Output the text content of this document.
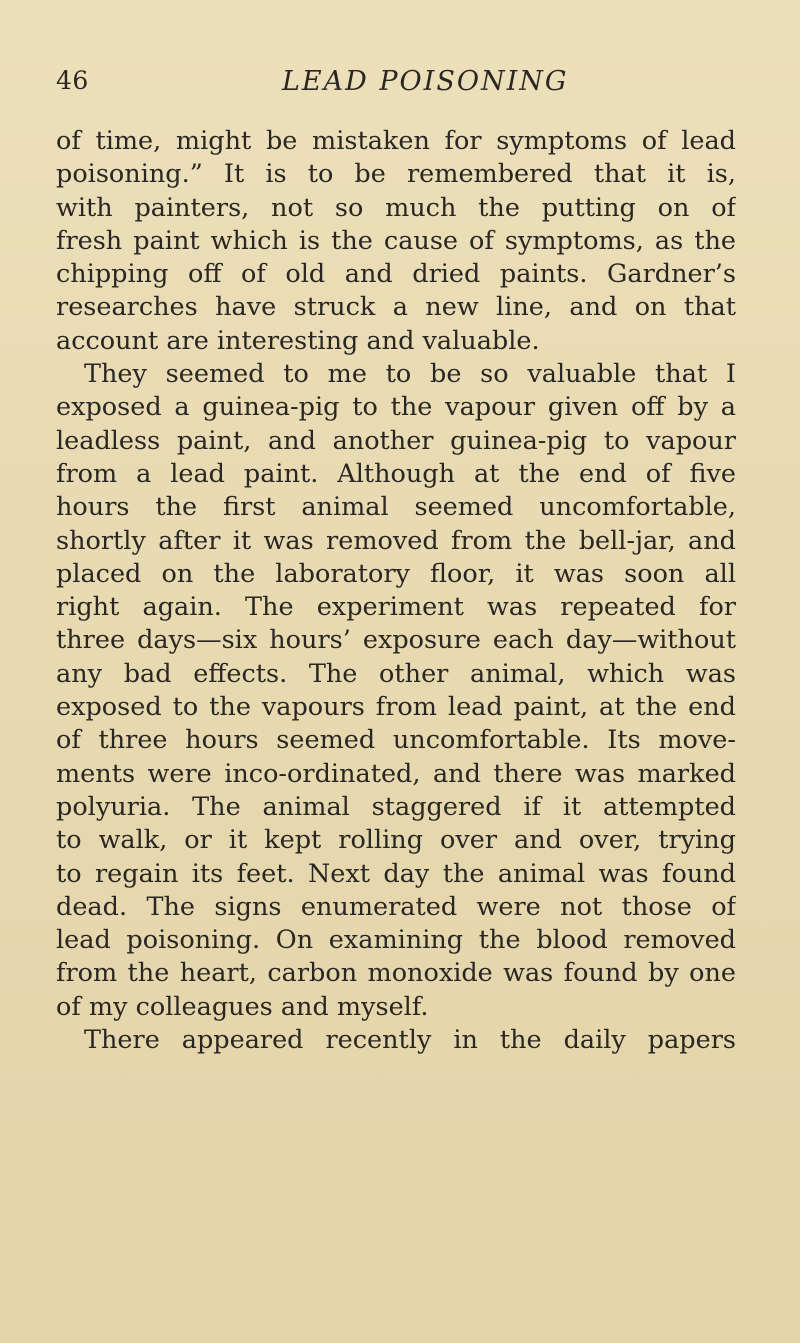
46	LEAD POISONING
of time, might be mistaken for symptoms of lead
poisoning.” It is to be remembered that it is,
with painters, not so much the putting on of
fresh paint which is the cause of symptoms, as the
chipping off of old and dried paints. Gardner’s
researches have struck a new line, and on that
account are interesting and valuable.
They seemed to me to be so valuable that I
exposed a guinea-pig to the vapour given off by a
leadless paint, and another guinea-pig to vapour
from a lead paint. Although at the end of five
hours the first animal seemed uncomfortable,
shortly after it was removed from the bell-jar, and
placed on the laboratory floor, it was soon all
right again. The experiment was repeated for
three days—six hours’ exposure each day—without
any bad effects. The other animal, which was
exposed to the vapours from lead paint, at the end
of three hours seemed uncomfortable. Its move-
ments were inco-ordinated, and there was marked
polyuria. The animal staggered if it attempted
to walk, or it kept rolling over and over, trying
to regain its feet. Next day the animal was found
dead. The signs enumerated were not those of
lead poisoning. On examining the blood removed
from the heart, carbon monoxide was found by one
of my colleagues and myself.
There appeared recently in the daily papers
